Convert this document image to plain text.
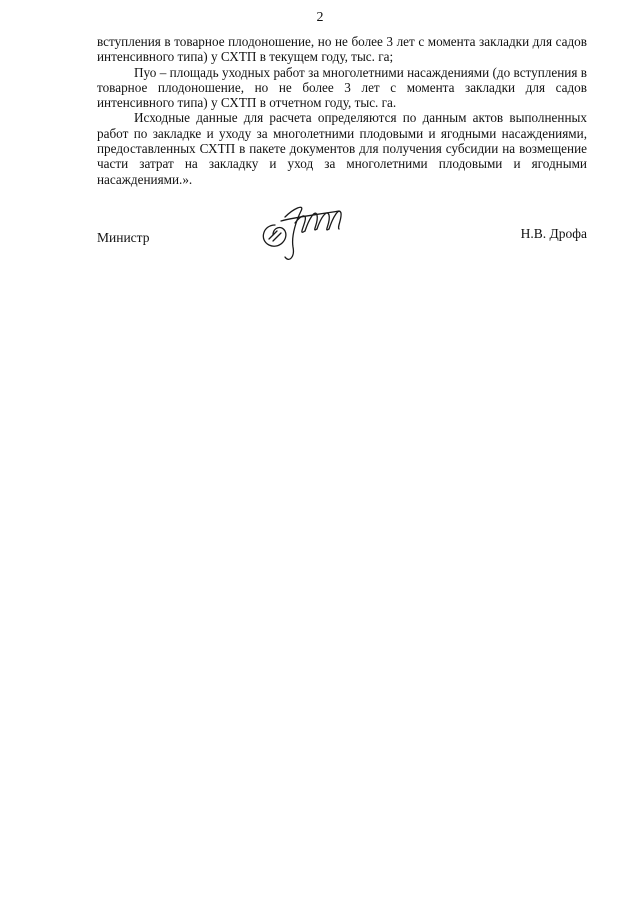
2

вступления в товарное плодоношение, но не более 3 лет с момента закладки для садов интенсивного типа) у СХТП в текущем году, тыс. га;

Пуо – площадь уходных работ за многолетними насаждениями (до вступления в товарное плодоношение, но не более 3 лет с момента закладки для садов интенсивного типа) у СХТП в отчетном году, тыс. га.

Исходные данные для расчета определяются по данным актов выполненных работ по закладке и уходу за многолетними плодовыми и ягодными насаждениями, предоставленных СХТП в пакете документов для получения субсидии на возмещение части затрат на закладку и уход за многолетними плодовыми и ягодными насаждениями.».

Министр	Н.В. Дрофа
